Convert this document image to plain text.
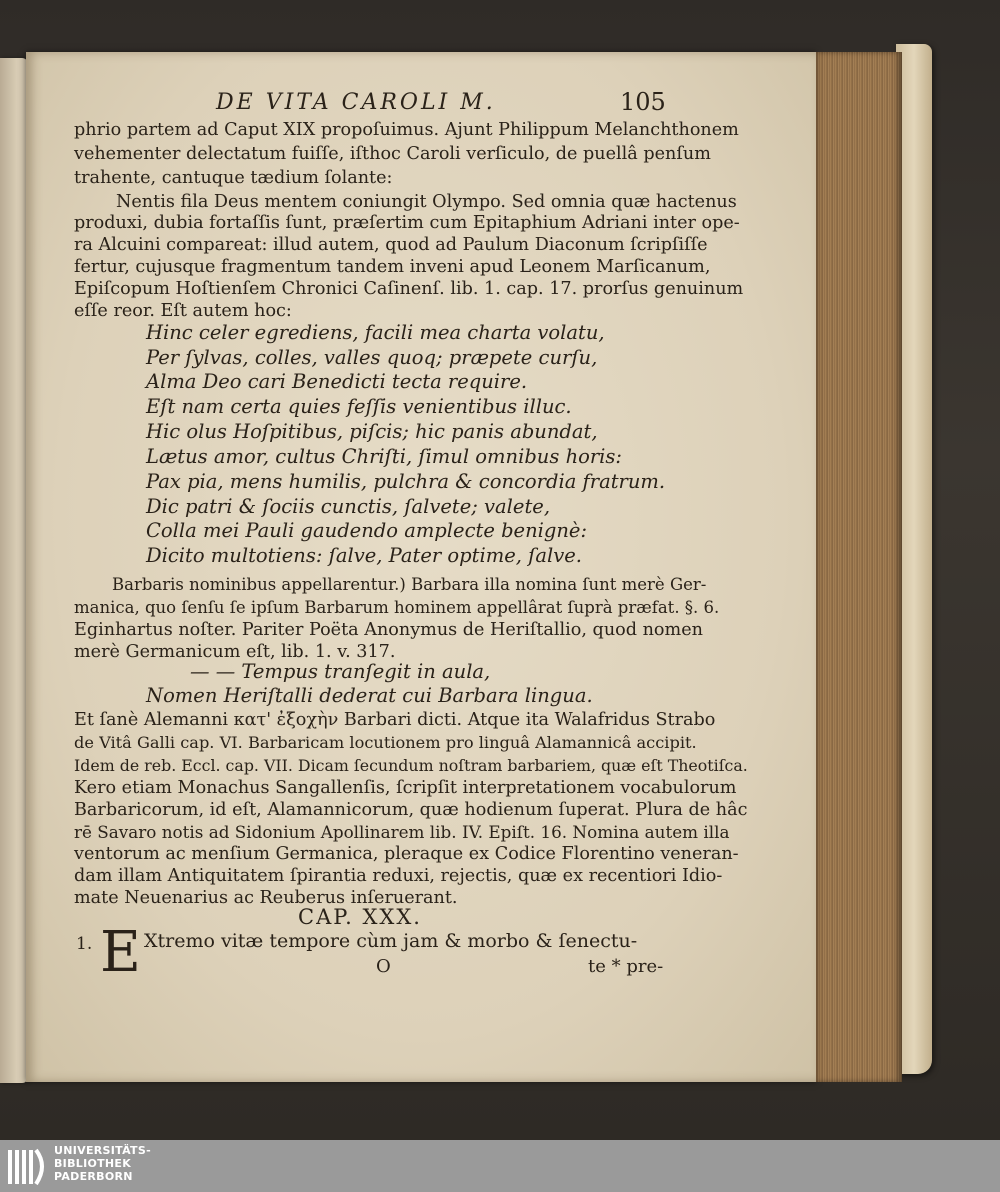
DE VITA CAROLI M.	105
phrio partem ad Caput XIX propoſuimus. Ajunt Philippum Melanchthonem
vehementer delectatum fuiſſe, iſthoc Caroli verſiculo, de puellâ penſum
trahente, cantuque tædium ſolante:
Nentis fila Deus mentem coniungit Olympo. Sed omnia quæ hactenus
produxi, dubia fortaſſis ſunt, præſertim cum Epitaphium Adriani inter ope-
ra Alcuini compareat: illud autem, quod ad Paulum Diaconum ſcripſiſſe
fertur, cujusque fragmentum tandem inveni apud Leonem Marſicanum,
Epiſcopum Hoſtienſem Chronici Caſinenſ. lib. 1. cap. 17. prorſus genuinum
eſſe reor. Eſt autem hoc:
Hinc celer egrediens, facili mea charta volatu,
Per ſylvas, colles, valles quoq; præpete curſu,
Alma Deo cari Benedicti tecta require.
Eſt nam certa quies feſſis venientibus illuc.
Hic olus Hoſpitibus, piſcis; hic panis abundat,
Lætus amor, cultus Chriſti, ſimul omnibus horis:
Pax pia, mens humilis, pulchra & concordia fratrum.
Dic patri & ſociis cunctis, ſalvete; valete,
Colla mei Pauli gaudendo amplecte benignè:
Dicito multotiens: ſalve, Pater optime, ſalve.
Barbaris nominibus appellarentur.) Barbara illa nomina ſunt merè Ger-
manica, quo ſenſu ſe ipſum Barbarum hominem appellârat ſuprà præfat. §. 6.
Eginhartus noſter. Pariter Poëta Anonymus de Heriſtallio, quod nomen
merè Germanicum eſt, lib. 1. v. 317.
— — Tempus tranſegit in aula,
Nomen Heriſtalli dederat cui Barbara lingua.
Et ſanè Alemanni κατ' ἐξοχὴν Barbari dicti. Atque ita Walafridus Strabo
de Vitâ Galli cap. VI. Barbaricam locutionem pro linguâ Alamannicâ accipit.
Idem de reb. Eccl. cap. VII. Dicam ſecundum noſtram barbariem, quæ eſt Theotiſca.
Kero etiam Monachus Sangallenſis, ſcripſit interpretationem vocabulorum
Barbaricorum, id eſt, Alamannicorum, quæ hodienum ſuperat. Plura de hâc
rē Savaro notis ad Sidonium Apollinarem lib. IV. Epiſt. 16. Nomina autem illa
ventorum ac menſium Germanica, pleraque ex Codice Florentino veneran-
dam illam Antiquitatem ſpirantia reduxi, rejectis, quæ ex recentiori Idio-
mate Neuenarius ac Reuberus inſeruerant.
CAP. XXX.
1. E Xtremo vitæ tempore cùm jam & morbo & ſenectu-
O	te * pre-
UNIVERSITÄTS-
BIBLIOTHEK
PADERBORN
